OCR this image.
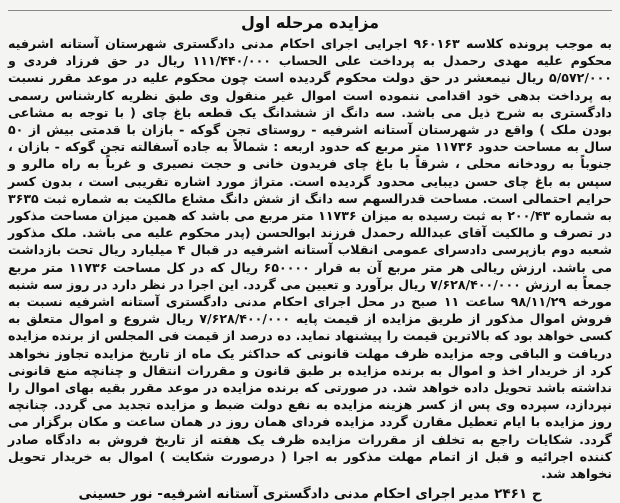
مزایده مرحله اول

به موجب پرونده کلاسه ۹۶۰۱۶۳ اجرایی اجرای احکام مدنی دادگستری شهرستان آستانه اشرفیه محکوم علیه مهدی رحمدل به پرداخت علی الحساب ۱۱۱/۴۴۰/۰۰۰ ریال در حق فرزاد فردی و ۵/۵۷۲/۰۰۰ ریال نیمعشر در حق دولت محکوم گردیده است چون محکوم علیه در موعد مقرر نسبت به پرداخت بدهی خود اقدامی ننموده است اموال غیر منقول وی طبق نظریه کارشناس رسمی دادگستری به شرح ذیل می باشد. سه دانگ از ششدانگ یک قطعه باغ چای ( با توجه به مشاعی بودن ملک ) واقع در شهرستان آستانه اشرفیه - روستای تجن گوکه - بازان با قدمتی بیش از ۵۰ سال به مساحت حدود ۱۱۷۳۶ متر مربع که حدود اربعه : شمالاً به جاده آسفالته تجن گوکه - بازان ، جنوباً به رودخانه محلی ، شرقاً با باغ چای فریدون خانی و حجت نصیری و غرباً به راه مالرو و سپس به باغ چای حسن دیبایی محدود گردیده است. متراژ مورد اشاره تقریبی است ، بدون کسر حرایم احتمالی است. مساحت قدرالسهم سه دانگ از شش دانگ مشاع مالکیت به شماره ثبت ۳۶۳۵ به شماره ۲۰۰/۴۳ به ثبت رسیده به میزان ۱۱۷۳۶ متر مربع می باشد که همین میزان مساحت مذکور در تصرف و مالکیت آقای عبدالله رحمدل فرزند ابوالحسن (پدر محکوم علیه می باشد. ملک مذکور شعبه دوم بازپرسی دادسرای عمومی انقلاب آستانه اشرفیه در قبال ۴ میلیارد ریال تحت بازداشت می باشد. ارزش ریالی هر متر مربع آن به قرار ۶۵۰۰۰۰ ریال که در کل مساحت ۱۱۷۳۶ متر مربع جمعاً به ارزش ۷/۶۲۸/۴۰۰/۰۰۰ ریال برآورد و تعیین می گردد. این اجرا در نظر دارد در روز سه شنبه مورخه ۹۸/۱۱/۲۹ ساعت ۱۱ صبح در محل اجرای احکام مدنی دادگستری آستانه اشرفیه نسبت به فروش اموال مذکور از طریق مزایده از قیمت پایه ۷/۶۲۸/۴۰۰/۰۰۰ ریال شروع و اموال متعلق به کسی خواهد بود که بالاترین قیمت را پیشنهاد نماید. ده درصد از قیمت فی المجلس از برنده مزایده دریافت و الباقی وجه مزایده ظرف مهلت قانونی که حداکثر یک ماه از تاریخ مزایده تجاوز نخواهد کرد از خریدار اخذ و اموال به برنده مزایده بر طبق قانون و مقررات انتقال و چنانچه منع قانونی نداشته باشد تحویل داده خواهد شد. در صورتی که برنده مزایده در موعد مقرر بقیه بهای اموال را نپردازد، سپرده وی پس از کسر هزینه مزایده به نفع دولت ضبط و مزایده تجدید می گردد. چنانچه روز مزایده با ایام تعطیل مقارن گردد مزایده فردای همان روز در همان ساعت و مکان برگزار می گردد. شکایات راجع به تخلف از مقررات مزایده ظرف یک هفته از تاریخ فروش به دادگاه صادر کننده اجرائیه و قبل از اتمام مهلت مذکور به اجرا ( درصورت شکایت ) اموال به خریدار تحویل نخواهد شد.

ح ۲۴۶۱ مدیر اجرای احکام مدنی دادگستری آستانه اشرفیه- نور حسینی
